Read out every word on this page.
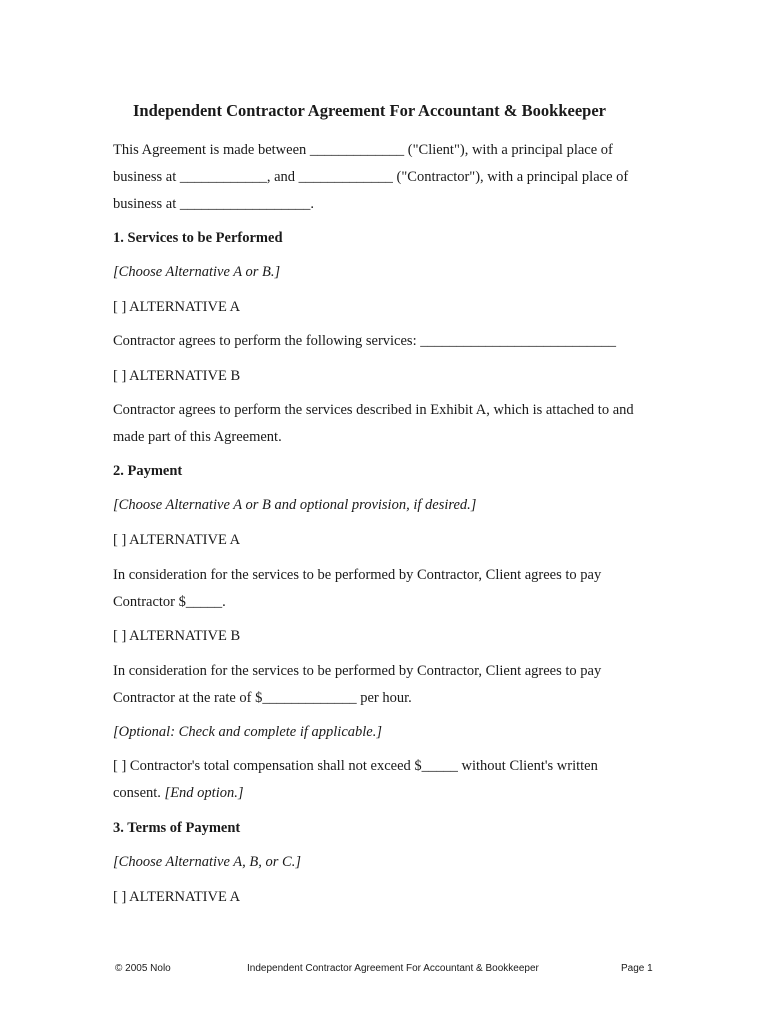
Independent Contractor Agreement For Accountant & Bookkeeper
This Agreement is made between _____________ ("Client"), with a principal place of
business at ____________, and _____________ ("Contractor"), with a principal place of
business at __________________.
1. Services to be Performed
[Choose Alternative A or B.]
[ ] ALTERNATIVE A
Contractor agrees to perform the following services: ___________________________
[ ] ALTERNATIVE B
Contractor agrees to perform the services described in Exhibit A, which is attached to and
made part of this Agreement.
2. Payment
[Choose Alternative A or B and optional provision, if desired.]
[ ] ALTERNATIVE A
In consideration for the services to be performed by Contractor, Client agrees to pay
Contractor $_____.
[ ] ALTERNATIVE B
In consideration for the services to be performed by Contractor, Client agrees to pay
Contractor at the rate of $_____________ per hour.
[Optional: Check and complete if applicable.]
[ ] Contractor's total compensation shall not exceed $_____ without Client's written
consent. [End option.]
3. Terms of Payment
[Choose Alternative A, B, or C.]
[ ] ALTERNATIVE A
© 2005 Nolo	Independent Contractor Agreement For Accountant & Bookkeeper	Page 1
